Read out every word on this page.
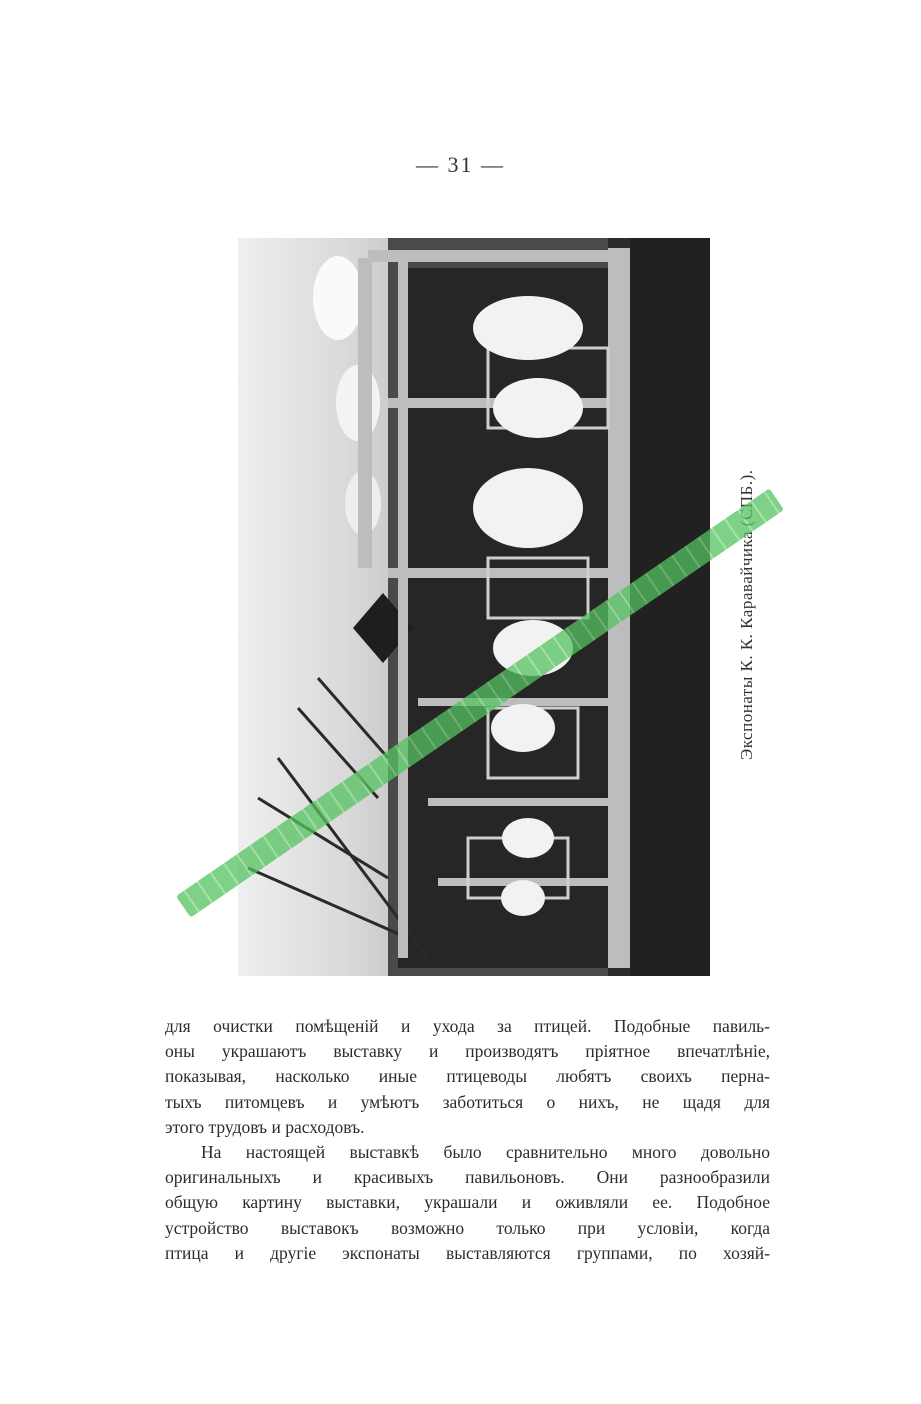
— 31 —
Экспонаты К. К. Каравайчика (СПБ.).
для очистки помѣщеній и ухода за птицей. Подобные павиль-
оны украшаютъ выставку и производятъ пріятное впечатлѣніе,
показывая, насколько иные птицеводы любятъ своихъ перна-
тыхъ питомцевъ и умѣютъ заботиться о нихъ, не щадя для
этого трудовъ и расходовъ.
На настоящей выставкѣ было сравнительно много довольно
оригинальныхъ и красивыхъ павильоновъ. Они разнообразили
общую картину выставки, украшали и оживляли ее. Подобное
устройство выставокъ возможно только при условіи, когда
птица и другіе экспонаты выставляются группами, по хозяй-
